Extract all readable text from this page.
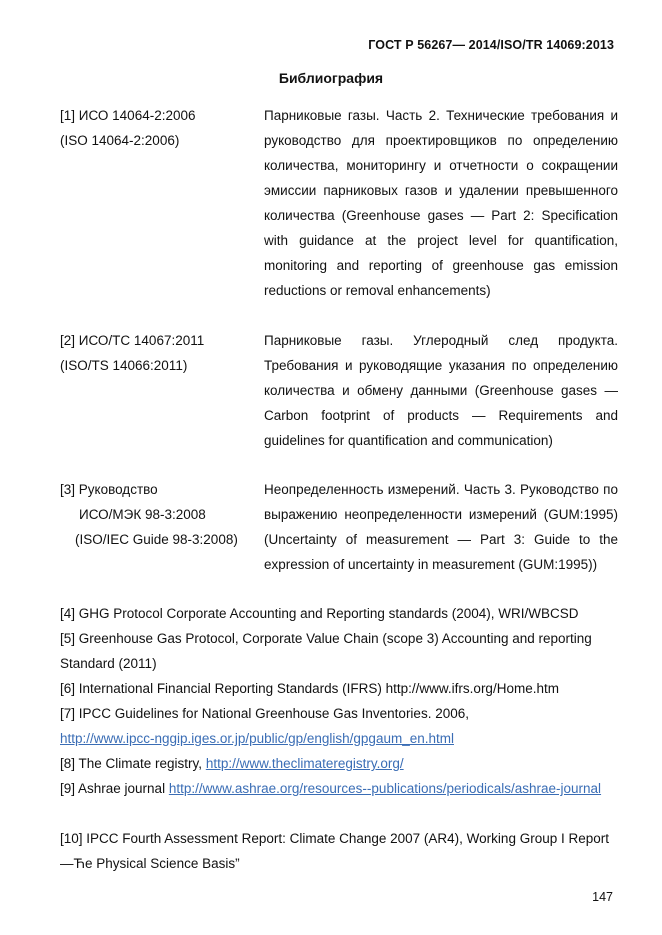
ГОСТ Р 56267— 2014/ISO/TR 14069:2013
Библиография
[1] ИСО 14064-2:2006
(ISO 14064-2:2006)
Парниковые газы. Часть 2. Технические требования и руководство для проектировщиков по определению количества, мониторингу и отчетности о сокращении эмиссии парниковых газов и удалении превышенного количества (Greenhouse gases — Part 2: Specification with guidance at the project level for quantification, monitoring and reporting of greenhouse gas emission reductions or removal enhancements)
[2] ИСО/ТС 14067:2011
(ISO/TS 14066:2011)
Парниковые газы. Углеродный след продукта. Требования и руководящие указания по определению количества и обмену данными (Greenhouse gases — Carbon footprint of products — Requirements and guidelines for quantification and communication)
[3] Руководство
ИСО/МЭК 98-3:2008
(ISO/IEC Guide 98-3:2008)
Неопределенность измерений. Часть 3. Руководство по выражению неопределенности измерений (GUM:1995) (Uncertainty of measurement — Part 3: Guide to the expression of uncertainty in measurement (GUM:1995))
[4] GHG Protocol Corporate Accounting and Reporting standards (2004), WRI/WBCSD
[5] Greenhouse Gas Protocol, Corporate Value Chain (scope 3) Accounting and reporting Standard (2011)
[6] International Financial Reporting Standards (IFRS) http://www.ifrs.org/Home.htm
[7] IPCC Guidelines for National Greenhouse Gas Inventories. 2006,
http://www.ipcc-nggip.iges.or.jp/public/gp/english/gpgaum_en.html
[8] The Climate registry, http://www.theclimateregistry.org/
[9] Ashrae journal http://www.ashrae.org/resources--publications/periodicals/ashrae-journal
[10] IPCC Fourth Assessment Report: Climate Change 2007 (AR4), Working Group I Report —Ћe Physical Science Basis”
147
